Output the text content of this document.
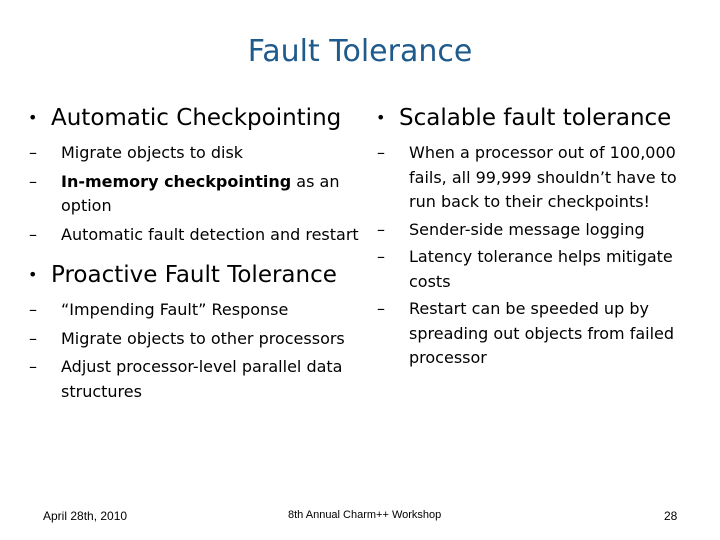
Fault Tolerance
• Automatic Checkpointing
– Migrate objects to disk
– In-memory checkpointing as an option
– Automatic fault detection and restart
• Proactive Fault Tolerance
– “Impending Fault” Response
– Migrate objects to other processors
– Adjust processor-level parallel data structures
• Scalable fault tolerance
– When a processor out of 100,000 fails, all 99,999 shouldn’t have to run back to their checkpoints!
– Sender-side message logging
– Latency tolerance helps mitigate costs
– Restart can be speeded up by spreading out objects from failed processor
April 28th, 2010	8th Annual Charm++ Workshop	28
